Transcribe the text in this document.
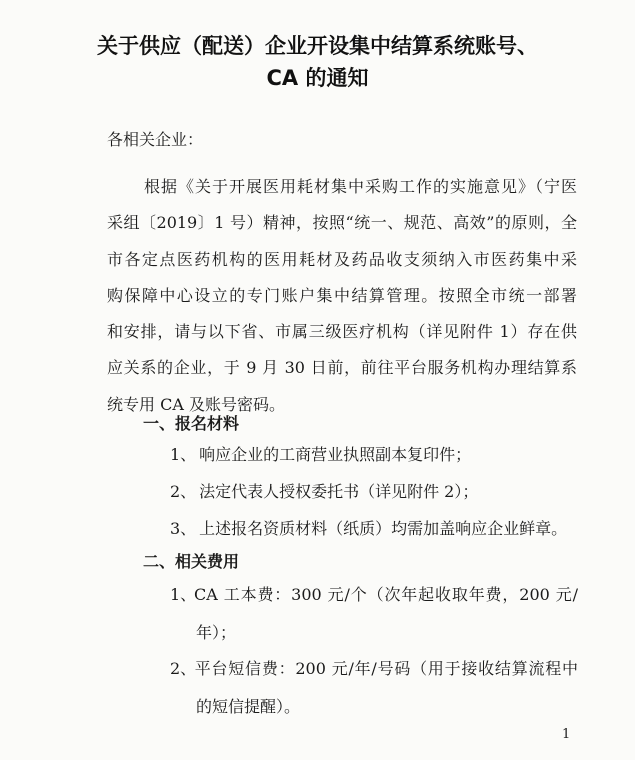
关于供应（配送）企业开设集中结算系统账号、
CA 的通知
各相关企业：
根据《关于开展医用耗材集中采购工作的实施意见》（宁医
采组〔2019〕1 号）精神，按照“统一、规范、高效”的原则，全
市各定点医药机构的医用耗材及药品收支须纳入市医药集中采
购保障中心设立的专门账户集中结算管理。按照全市统一部署
和安排，请与以下省、市属三级医疗机构（详见附件 1）存在供
应关系的企业，于 9 月 30 日前，前往平台服务机构办理结算系
统专用 CA 及账号密码。
一、报名材料
1、 响应企业的工商营业执照副本复印件；
2、 法定代表人授权委托书（详见附件 2）；
3、 上述报名资质材料（纸质）均需加盖响应企业鲜章。
二、相关费用
1、CA 工本费：300 元/个（次年起收取年费，200 元/
年）；
2、平台短信费：200 元/年/号码（用于接收结算流程中
的短信提醒）。
1
